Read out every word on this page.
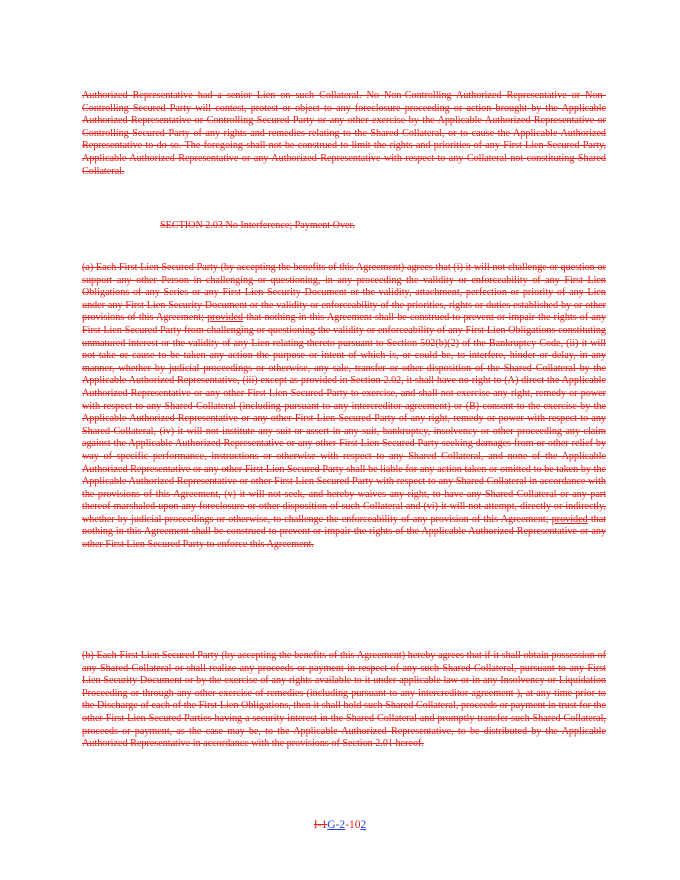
Authorized Representative had a senior Lien on such Collateral. No Non-Controlling Authorized Representative or Non-Controlling Secured Party will contest, protest or object to any foreclosure proceeding or action brought by the Applicable Authorized Representative or Controlling Secured Party or any other exercise by the Applicable Authorized Representative or Controlling Secured Party of any rights and remedies relating to the Shared Collateral, or to cause the Applicable Authorized Representative to do so. The foregoing shall not be construed to limit the rights and priorities of any First Lien Secured Party, Applicable Authorized Representative or any Authorized Representative with respect to any Collateral not constituting Shared Collateral.

SECTION 2.03 No Interference; Payment Over.

(a) Each First Lien Secured Party (by accepting the benefits of this Agreement) agrees that (i) it will not challenge or question or support any other Person in challenging or questioning, in any proceeding the validity or enforceability of any First Lien Obligations of any Series or any First Lien Security Document or the validity, attachment, perfection or priority of any Lien under any First Lien Security Document or the validity or enforceability of the priorities, rights or duties established by or other provisions of this Agreement; provided that nothing in this Agreement shall be construed to prevent or impair the rights of any First Lien Secured Party from challenging or questioning the validity or enforceability of any First Lien Obligations constituting unmatured interest or the validity of any Lien relating thereto pursuant to Section 502(b)(2) of the Bankruptcy Code, (ii) it will not take or cause to be taken any action the purpose or intent of which is, or could be, to interfere, hinder or delay, in any manner, whether by judicial proceedings or otherwise, any sale, transfer or other disposition of the Shared Collateral by the Applicable Authorized Representative, (iii) except as provided in Section 2.02, it shall have no right to (A) direct the Applicable Authorized Representative or any other First Lien Secured Party to exercise, and shall not exercise any right, remedy or power with respect to any Shared Collateral (including pursuant to any intercreditor agreement) or (B) consent to the exercise by the Applicable Authorized Representative or any other First Lien Secured Party of any right, remedy or power with respect to any Shared Collateral, (iv) it will not institute any suit or assert in any suit, bankruptcy, insolvency or other proceeding any claim against the Applicable Authorized Representative or any other First Lien Secured Party seeking damages from or other relief by way of specific performance, instructions or otherwise with respect to any Shared Collateral, and none of the Applicable Authorized Representative or any other First Lien Secured Party shall be liable for any action taken or omitted to be taken by the Applicable Authorized Representative or other First Lien Secured Party with respect to any Shared Collateral in accordance with the provisions of this Agreement, (v) it will not seek, and hereby waives any right, to have any Shared Collateral or any part thereof marshaled upon any foreclosure or other disposition of such Collateral and (vi) it will not attempt, directly or indirectly, whether by judicial proceedings or otherwise, to challenge the enforceability of any provision of this Agreement; provided that nothing in this Agreement shall be construed to prevent or impair the rights of the Applicable Authorized Representative or any other First Lien Secured Party to enforce this Agreement.

(b) Each First Lien Secured Party (by accepting the benefits of this Agreement) hereby agrees that if it shall obtain possession of any Shared Collateral or shall realize any proceeds or payment in respect of any such Shared Collateral, pursuant to any First Lien Security Document or by the exercise of any rights available to it under applicable law or in any Insolvency or Liquidation Proceeding or through any other exercise of remedies (including pursuant to any intercreditor agreement ), at any time prior to the Discharge of each of the First Lien Obligations, then it shall hold such Shared Collateral, proceeds or payment in trust for the other First Lien Secured Parties having a security interest in the Shared Collateral and promptly transfer such Shared Collateral, proceeds or payment, as the case may be, to the Applicable Authorized Representative, to be distributed by the Applicable Authorized Representative in accordance with the provisions of Section 2.01 hereof.

I-1G-2-102
